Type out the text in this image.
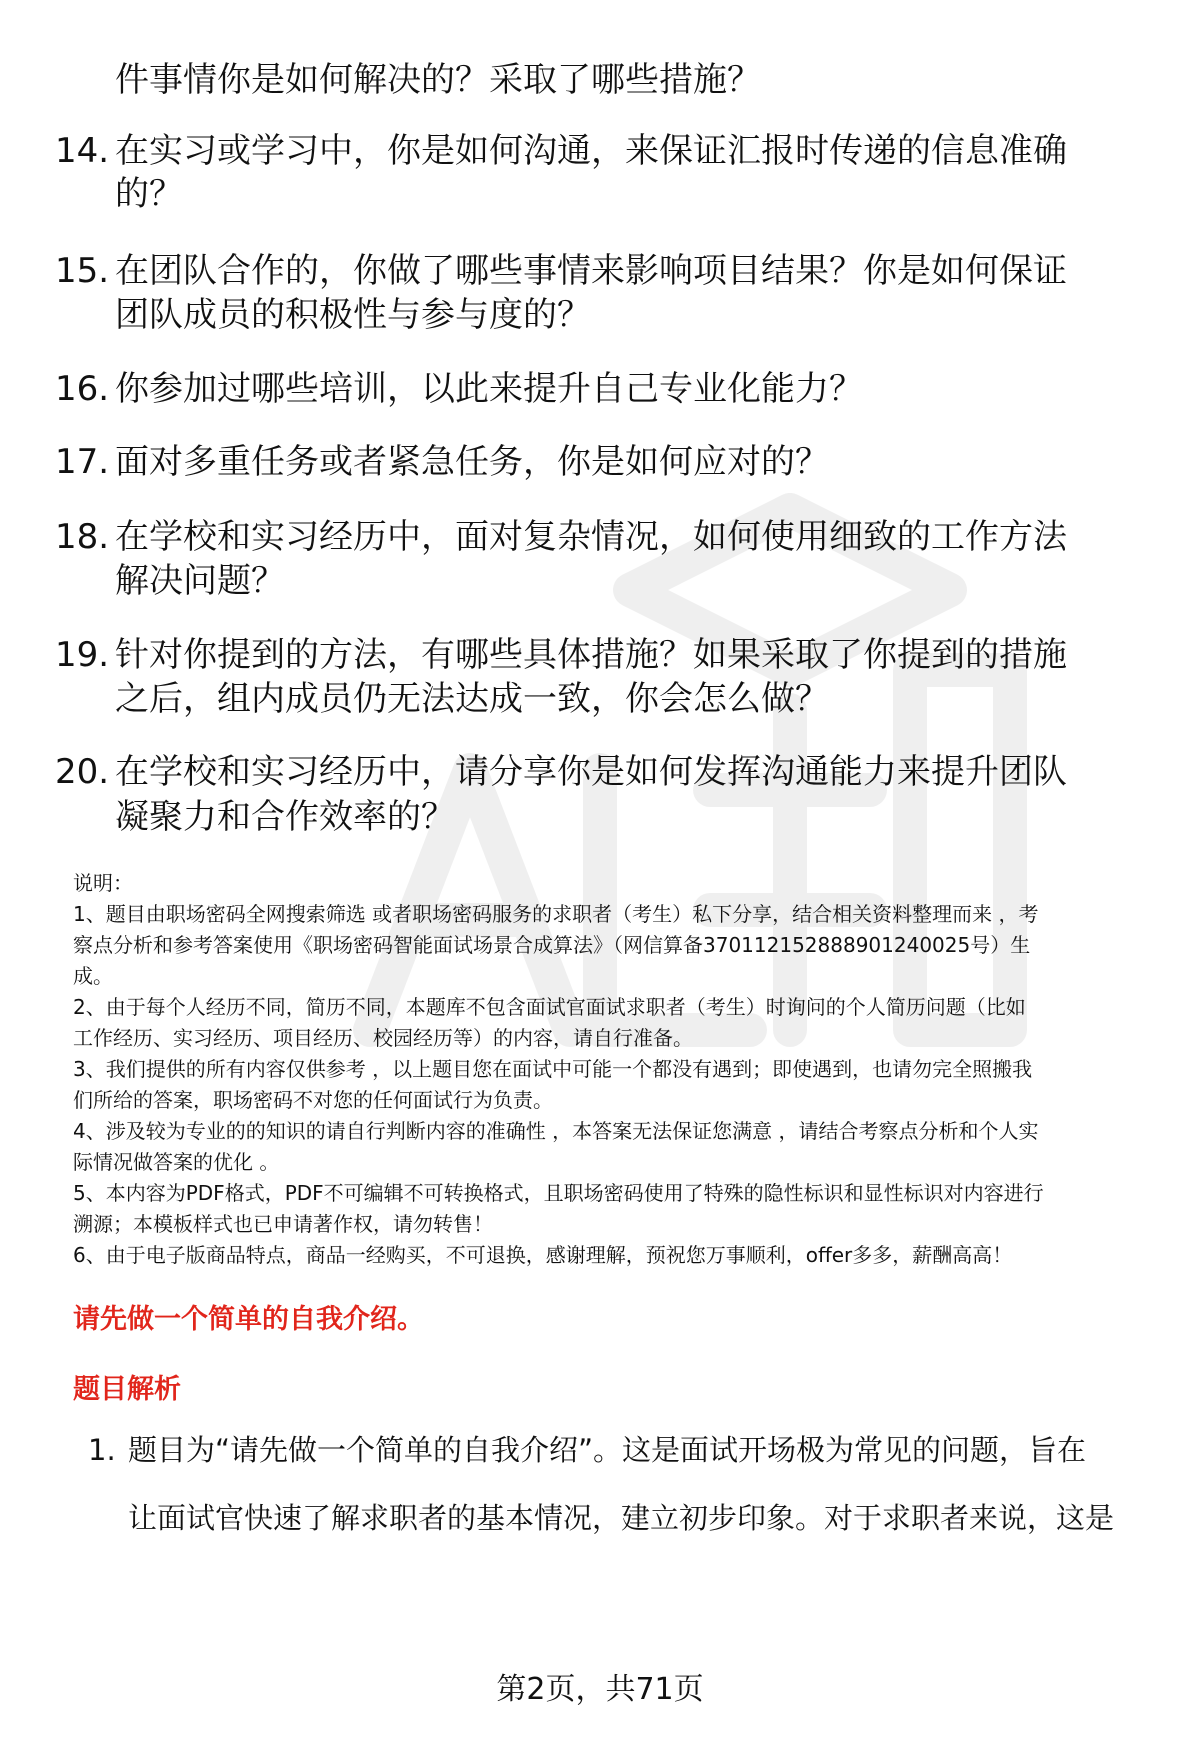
件事情你是如何解决的？采取了哪些措施？
14. 在实习或学习中，你是如何沟通，来保证汇报时传递的信息准确
的？
15. 在团队合作的，你做了哪些事情来影响项目结果？你是如何保证
团队成员的积极性与参与度的？
16. 你参加过哪些培训，以此来提升自己专业化能力？
17. 面对多重任务或者紧急任务，你是如何应对的？
18. 在学校和实习经历中，面对复杂情况，如何使用细致的工作方法
解决问题？
19. 针对你提到的方法，有哪些具体措施？如果采取了你提到的措施
之后，组内成员仍无法达成一致，你会怎么做？
20. 在学校和实习经历中，请分享你是如何发挥沟通能力来提升团队
凝聚力和合作效率的？
说明：
1、题目由职场密码全网搜索筛选 或者职场密码服务的求职者（考生）私下分享，结合相关资料整理而来 ，考
察点分析和参考答案使用《职场密码智能面试场景合成算法》（网信算备370112152888901240025号）生
成。
2、由于每个人经历不同，简历不同，本题库不包含面试官面试求职者（考生）时询问的个人简历问题（比如
工作经历、实习经历、项目经历、校园经历等）的内容，请自行准备。
3、我们提供的所有内容仅供参考 ，以上题目您在面试中可能一个都没有遇到；即使遇到，也请勿完全照搬我
们所给的答案，职场密码不对您的任何面试行为负责。
4、涉及较为专业的的知识的请自行判断内容的准确性 ，本答案无法保证您满意 ，请结合考察点分析和个人实
际情况做答案的优化 。
5、本内容为PDF格式，PDF不可编辑不可转换格式，且职场密码使用了特殊的隐性标识和显性标识对内容进行
溯源；本模板样式也已申请著作权，请勿转售！
6、由于电子版商品特点，商品一经购买，不可退换，感谢理解，预祝您万事顺利，offer多多，薪酬高高！
请先做一个简单的自我介绍。
题目解析
1. 题目为“请先做一个简单的自我介绍”。这是面试开场极为常见的问题，旨在
让面试官快速了解求职者的基本情况，建立初步印象。对于求职者来说，这是
第2页，共71页
